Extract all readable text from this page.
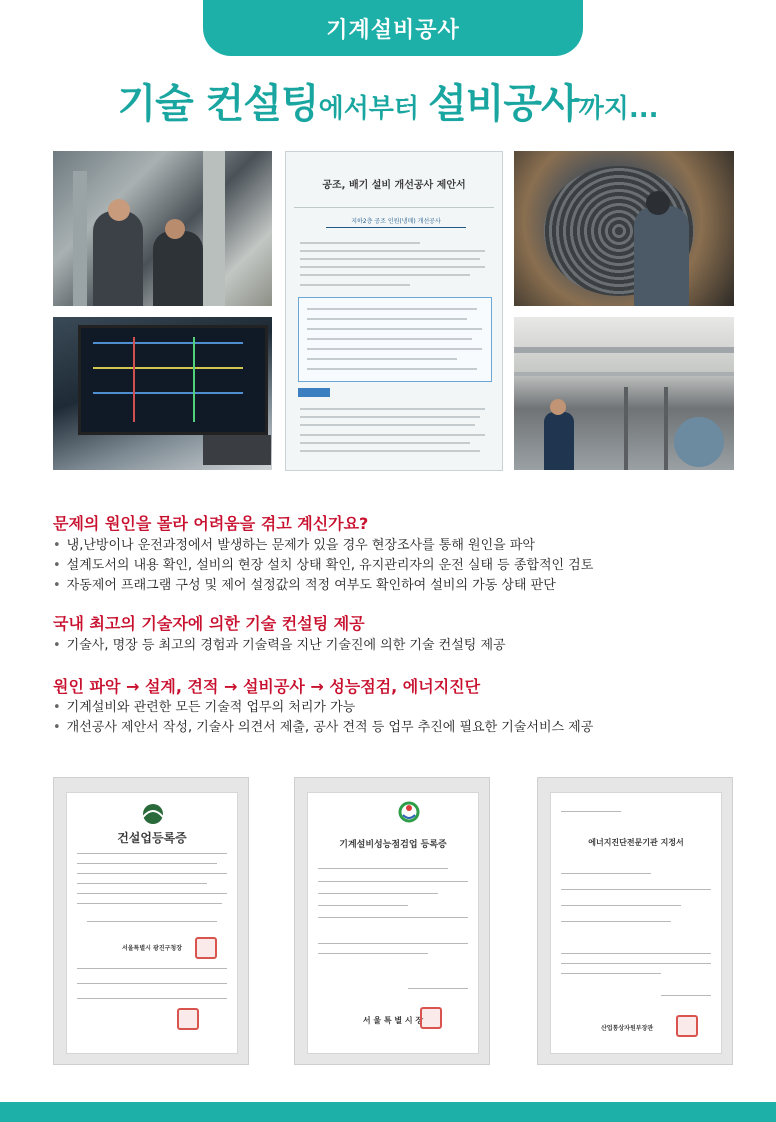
기계설비공사
기술 컨설팅에서부터 설비공사까지...
공조, 배기 설비 개선공사 제안서
지하2층 공조 인원(냉매) 개선공사
문제의 원인을 몰라 어려움을 겪고 계신가요?
• 냉,난방이나 운전과정에서 발생하는 문제가 있을 경우 현장조사를 통해 원인을 파악
• 설계도서의 내용 확인, 설비의 현장 설치 상태 확인, 유지관리자의 운전 실태 등 종합적인 검토
• 자동제어 프래그램 구성 및 제어 설정값의 적정 여부도 확인하여 설비의 가동 상태 판단
국내 최고의 기술자에 의한 기술 컨설팅 제공
• 기술사, 명장 등 최고의 경험과 기술력을 지난 기술진에 의한 기술 컨설팅 제공
원인 파악 → 설계, 견적 → 설비공사 → 성능점검, 에너지진단
• 기계설비와 관련한 모든 기술적 업무의 처리가 가능
• 개선공사 제안서 작성, 기술사 의견서 제출, 공사 견적 등 업무 추진에 필요한 기술서비스 제공
건설업등록증
서울특별시 광진구청장
기계설비성능점검업 등록증
서 울 특 별 시 장
에너지진단전문기관 지정서
산업통상자원부장관
